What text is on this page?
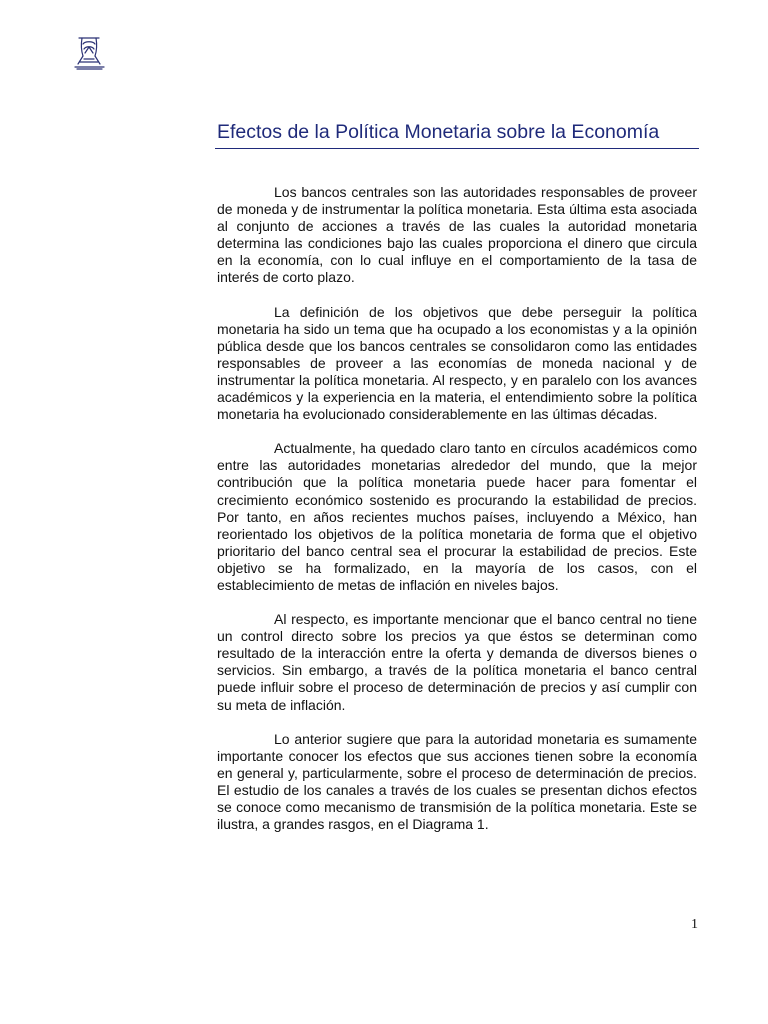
Efectos de la Política Monetaria sobre la Economía

Los bancos centrales son las autoridades responsables de proveer de moneda y de instrumentar la política monetaria. Esta última esta asociada al conjunto de acciones a través de las cuales la autoridad monetaria determina las condiciones bajo las cuales proporciona el dinero que circula en la economía, con lo cual influye en el comportamiento de la tasa de interés de corto plazo.

La definición de los objetivos que debe perseguir la política monetaria ha sido un tema que ha ocupado a los economistas y a la opinión pública desde que los bancos centrales se consolidaron como las entidades responsables de proveer a las economías de moneda nacional y de instrumentar la política monetaria. Al respecto, y en paralelo con los avances académicos y la experiencia en la materia, el entendimiento sobre la política monetaria ha evolucionado considerablemente en las últimas décadas.

Actualmente, ha quedado claro tanto en círculos académicos como entre las autoridades monetarias alrededor del mundo, que la mejor contribución que la política monetaria puede hacer para fomentar el crecimiento económico sostenido es procurando la estabilidad de precios. Por tanto, en años recientes muchos países, incluyendo a México, han reorientado los objetivos de la política monetaria de forma que el objetivo prioritario del banco central sea el procurar la estabilidad de precios. Este objetivo se ha formalizado, en la mayoría de los casos, con el establecimiento de metas de inflación en niveles bajos.

Al respecto, es importante mencionar que el banco central no tiene un control directo sobre los precios ya que éstos se determinan como resultado de la interacción entre la oferta y demanda de diversos bienes o servicios. Sin embargo, a través de la política monetaria el banco central puede influir sobre el proceso de determinación de precios y así cumplir con su meta de inflación.

Lo anterior sugiere que para la autoridad monetaria es sumamente importante conocer los efectos que sus acciones tienen sobre la economía en general y, particularmente, sobre el proceso de determinación de precios. El estudio de los canales a través de los cuales se presentan dichos efectos se conoce como mecanismo de transmisión de la política monetaria. Este se ilustra, a grandes rasgos, en el Diagrama 1.

1
